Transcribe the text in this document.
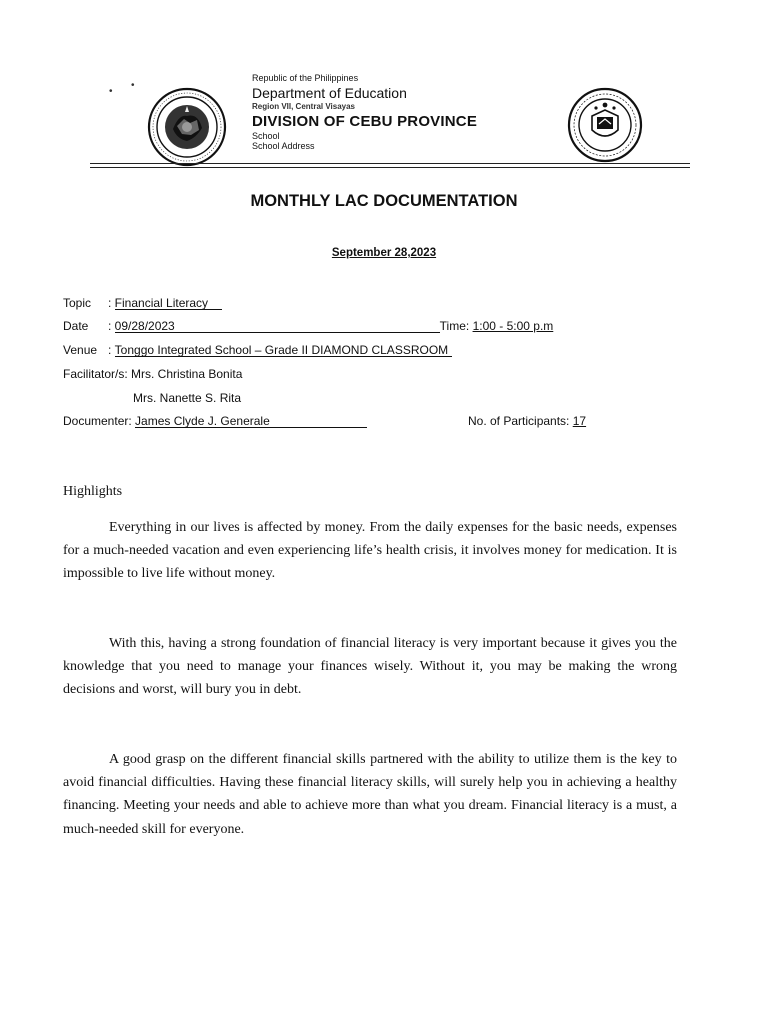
•
•
Republic of the Philippines
Department of Education
Region VII, Central Visayas
DIVISION OF CEBU PROVINCE
School
School Address
MONTHLY LAC DOCUMENTATION
September 28,2023
Topic : Financial Literacy
Date : 09/28/2023	Time: 1:00 - 5:00 p.m
Venue : Tonggo Integrated School – Grade II DIAMOND CLASSROOM
Facilitator/s: Mrs. Christina Bonita
Mrs. Nanette S. Rita
Documenter: James Clyde J. Generale	No. of Participants: 17
Highlights

Everything in our lives is affected by money. From the daily expenses for the basic needs, expenses for a much-needed vacation and even experiencing life’s health crisis, it involves money for medication. It is impossible to live life without money.

With this, having a strong foundation of financial literacy is very important because it gives you the knowledge that you need to manage your finances wisely. Without it, you may be making the wrong decisions and worst, will bury you in debt.

A good grasp on the different financial skills partnered with the ability to utilize them is the key to avoid financial difficulties. Having these financial literacy skills, will surely help you in achieving a healthy financing. Meeting your needs and able to achieve more than what you dream. Financial literacy is a must, a much-needed skill for everyone.
